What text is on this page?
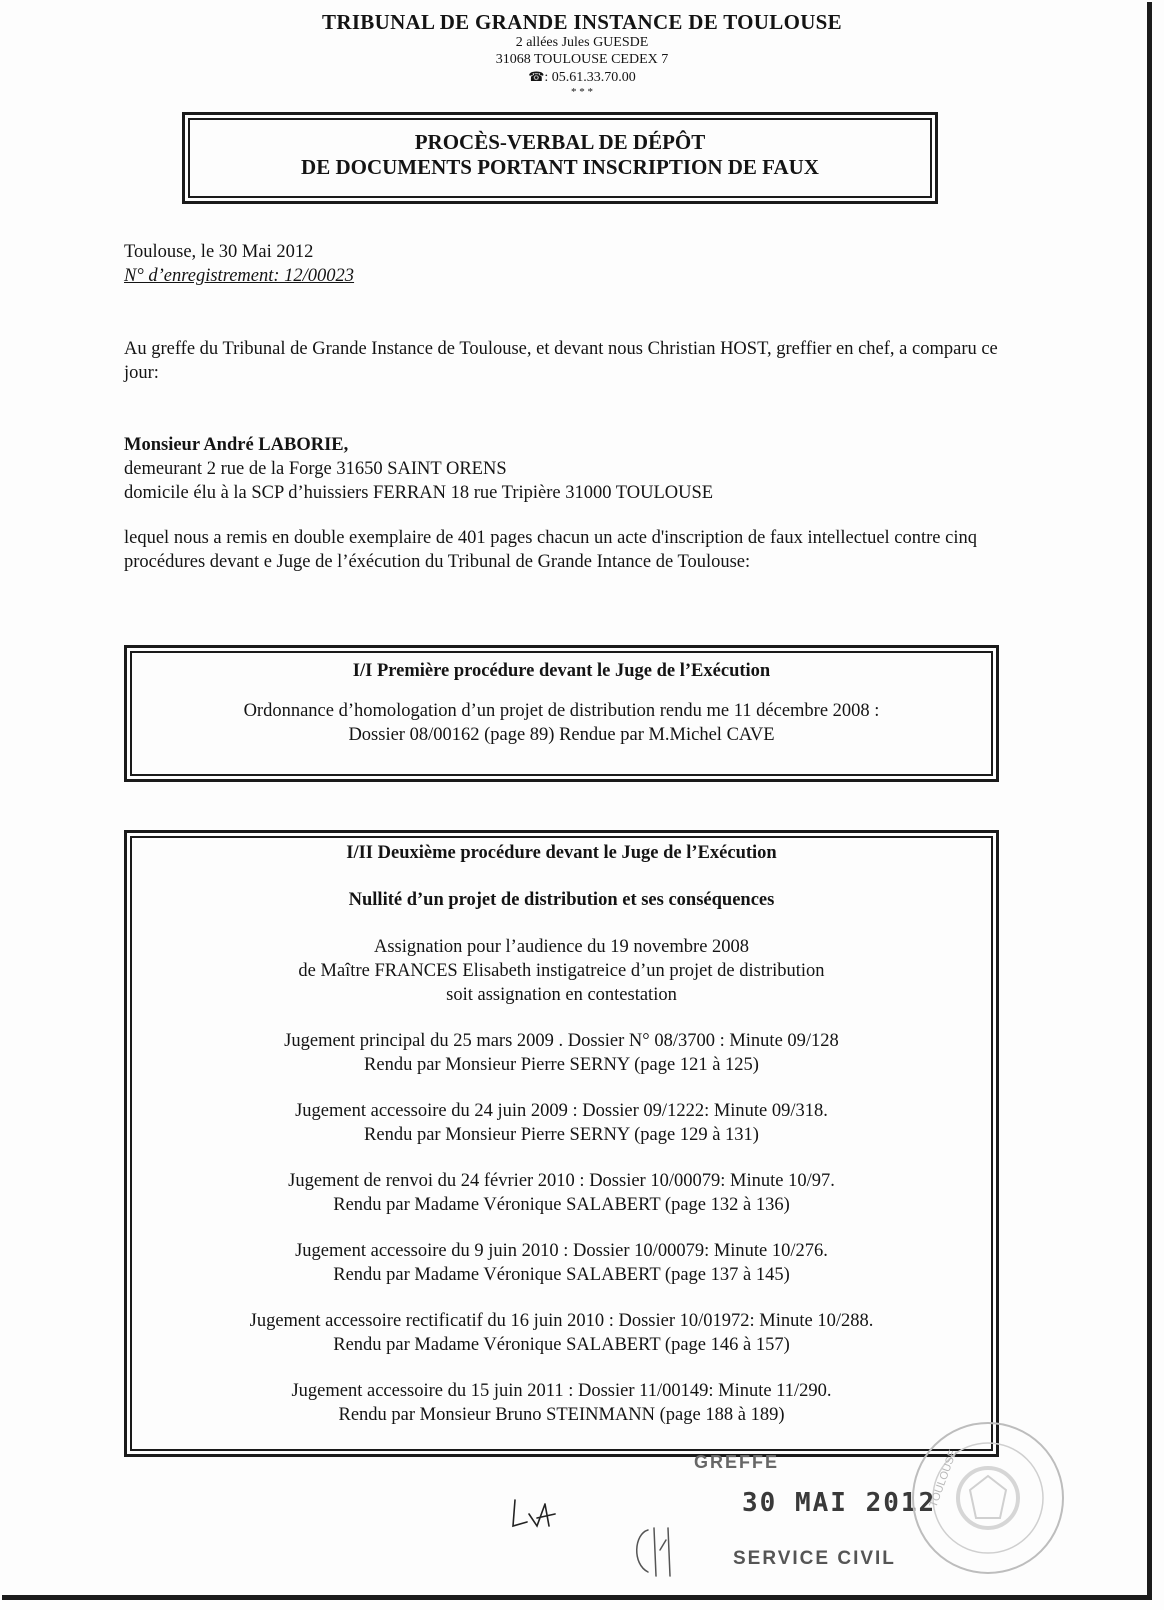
TRIBUNAL DE GRANDE INSTANCE DE TOULOUSE
2 allées Jules GUESDE
31068 TOULOUSE CEDEX 7
☎: 05.61.33.70.00
* * *
PROCÈS-VERBAL DE DÉPÔT
DE DOCUMENTS PORTANT INSCRIPTION DE FAUX
Toulouse, le 30 Mai 2012
N° d’enregistrement: 12/00023
Au greffe du Tribunal de Grande Instance de Toulouse, et devant nous Christian HOST, greffier en chef, a comparu ce jour:
Monsieur André LABORIE,
demeurant 2 rue de la Forge 31650 SAINT ORENS
domicile élu à la SCP d’huissiers FERRAN 18 rue Tripière 31000 TOULOUSE
lequel nous a remis en double exemplaire de 401 pages chacun un acte d'inscription de faux intellectuel contre cinq procédures devant e Juge de l’éxécution du Tribunal de Grande Intance de Toulouse:
I/I Première procédure devant le Juge de l’Exécution
Ordonnance d’homologation d’un projet de distribution rendu me 11 décembre 2008 :
Dossier 08/00162 (page 89) Rendue par M.Michel CAVE
I/II Deuxième procédure devant le Juge de l’Exécution
Nullité d’un projet de distribution et ses conséquences
Assignation pour l’audience du 19 novembre 2008
de Maître FRANCES Elisabeth instigatreice d’un projet de distribution
soit assignation en contestation
Jugement principal du 25 mars 2009 . Dossier N° 08/3700 : Minute 09/128
Rendu par Monsieur Pierre SERNY (page 121 à 125)
Jugement accessoire du 24 juin 2009 : Dossier 09/1222: Minute 09/318.
Rendu par Monsieur Pierre SERNY (page 129 à 131)
Jugement de renvoi du 24 février 2010 : Dossier 10/00079: Minute 10/97.
Rendu par Madame Véronique SALABERT (page 132 à 136)
Jugement accessoire du 9 juin 2010 : Dossier 10/00079: Minute 10/276.
Rendu par Madame Véronique SALABERT (page 137 à 145)
Jugement accessoire rectificatif du 16 juin 2010 : Dossier 10/01972: Minute 10/288.
Rendu par Madame Véronique SALABERT (page 146 à 157)
Jugement accessoire du 15 juin 2011 : Dossier 11/00149: Minute 11/290.
Rendu par Monsieur Bruno STEINMANN (page 188 à 189)
GREFFE
30 MAI 2012
SERVICE CIVIL
TOULOUSE
